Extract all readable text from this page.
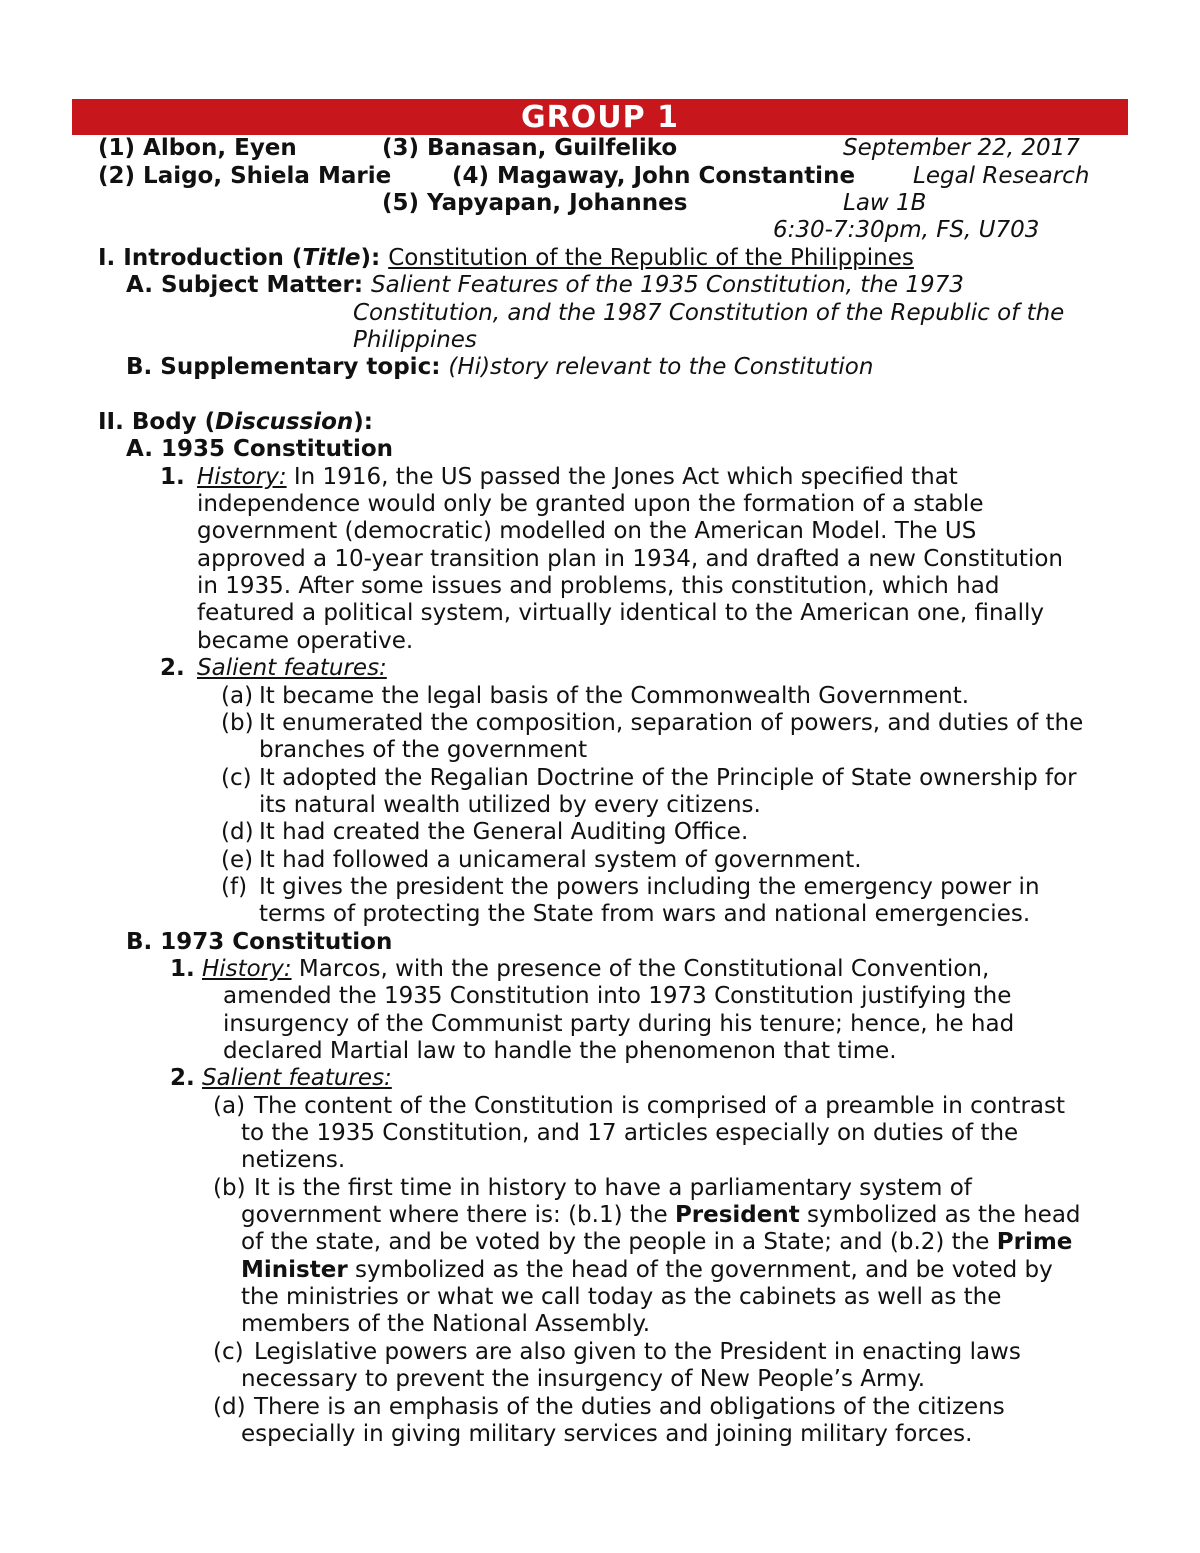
GROUP 1
(1) Albon, Eyen
(2) Laigo, Shiela Marie
(3) Banasan, Guilfeliko
(4) Magaway, John Constantine
(5) Yapyapan, Johannes
September 22, 2017
Legal Research
Law 1B
6:30-7:30pm, FS, U703
I. Introduction (Title): Constitution of the Republic of the Philippines
A. Subject Matter: Salient Features of the 1935 Constitution, the 1973
Constitution, and the 1987 Constitution of the Republic of the
Philippines
B. Supplementary topic: (Hi)story relevant to the Constitution
II. Body (Discussion):
A. 1935 Constitution
1. History: In 1916, the US passed the Jones Act which specified that
independence would only be granted upon the formation of a stable
government (democratic) modelled on the American Model. The US
approved a 10-year transition plan in 1934, and drafted a new Constitution
in 1935. After some issues and problems, this constitution, which had
featured a political system, virtually identical to the American one, finally
became operative.
2. Salient features:
(a) It became the legal basis of the Commonwealth Government.
(b) It enumerated the composition, separation of powers, and duties of the
branches of the government
(c) It adopted the Regalian Doctrine of the Principle of State ownership for
its natural wealth utilized by every citizens.
(d) It had created the General Auditing Office.
(e) It had followed a unicameral system of government.
(f) It gives the president the powers including the emergency power in
terms of protecting the State from wars and national emergencies.
B. 1973 Constitution
1. History: Marcos, with the presence of the Constitutional Convention,
amended the 1935 Constitution into 1973 Constitution justifying the
insurgency of the Communist party during his tenure; hence, he had
declared Martial law to handle the phenomenon that time.
2. Salient features:
(a) The content of the Constitution is comprised of a preamble in contrast
to the 1935 Constitution, and 17 articles especially on duties of the
netizens.
(b) It is the first time in history to have a parliamentary system of
government where there is: (b.1) the President symbolized as the head
of the state, and be voted by the people in a State; and (b.2) the Prime
Minister symbolized as the head of the government, and be voted by
the ministries or what we call today as the cabinets as well as the
members of the National Assembly.
(c) Legislative powers are also given to the President in enacting laws
necessary to prevent the insurgency of New People’s Army.
(d) There is an emphasis of the duties and obligations of the citizens
especially in giving military services and joining military forces.
